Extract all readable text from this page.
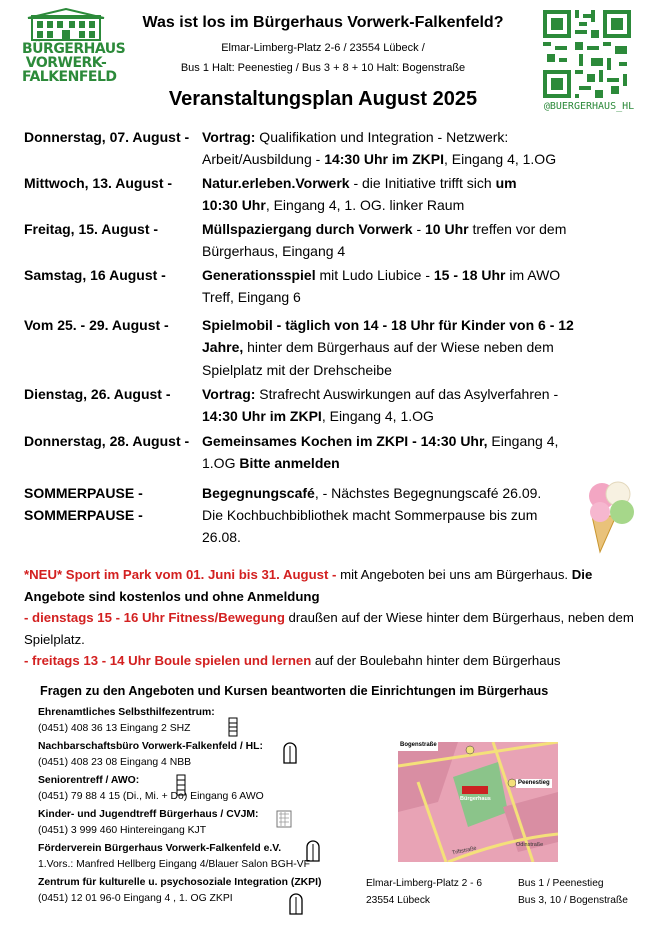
BÜRGERHAUS
VORWERK-
FALKENFELD
Was ist los im Bürgerhaus Vorwerk-Falkenfeld?
Elmar-Limberg-Platz 2-6 / 23554 Lübeck /
Bus 1 Halt: Peenestieg / Bus 3 + 8 + 10 Halt: Bogenstraße
@BUERGERHAUS_HL
Veranstaltungsplan August 2025
Donnerstag, 07. August - Vortrag: Qualifikation und Integration - Netzwerk:
Arbeit/Ausbildung - 14:30 Uhr im ZKPI, Eingang 4, 1.OG
Mittwoch, 13. August -	Natur.erleben.Vorwerk - die Initiative trifft sich um
10:30 Uhr, Eingang 4, 1. OG. linker Raum
Freitag, 15. August -	Müllspaziergang durch Vorwerk - 10 Uhr treffen vor dem
Bürgerhaus, Eingang 4
Samstag, 16 August -	Generationsspiel mit Ludo Liubice - 15 - 18 Uhr im AWO
Treff, Eingang 6
Vom 25. - 29. August -	Spielmobil - täglich von 14 - 18 Uhr für Kinder von 6 - 12
Jahre, hinter dem Bürgerhaus auf der Wiese neben dem
Spielplatz mit der Drehscheibe
Dienstag, 26. August -	Vortrag: Strafrecht Auswirkungen auf das Asylverfahren -
14:30 Uhr im ZKPI, Eingang 4, 1.OG
Donnerstag, 28. August - Gemeinsames Kochen im ZKPI - 14:30 Uhr, Eingang 4,
1.OG Bitte anmelden
SOMMERPAUSE -	Begegnungscafé, - Nächstes Begegnungscafé 26.09.
SOMMERPAUSE -	Die Kochbuchbibliothek macht Sommerpause bis zum
26.08.

*NEU* Sport im Park vom 01. Juni bis 31. August - mit Angeboten bei uns am Bürgerhaus. Die Angebote sind kostenlos und ohne Anmeldung

- dienstags 15 - 16 Uhr Fitness/Bewegung draußen auf der Wiese hinter dem Bürgerhaus, neben dem Spielplatz.

- freitags 13 - 14 Uhr Boule spielen und lernen auf der Boulebahn hinter dem Bürgerhaus

Fragen zu den Angeboten und Kursen beantworten die Einrichtungen im Bürgerhaus
Ehrenamtliches Selbsthilfezentrum:
(0451) 408 36 13 Eingang 2 SHZ
Nachbarschaftsbüro Vorwerk-Falkenfeld / HL:
(0451) 408 23 08 Eingang 4 NBB
Seniorentreff / AWO:
(0451) 79 88 4 15 (Di., Mi. + Do) Eingang 6 AWO
Kinder- und Jugendtreff Bürgerhaus / CVJM:
(0451) 3 999 460 Hintereingang KJT
Förderverein Bürgerhaus Vorwerk-Falkenfeld e.V.
1.Vors.: Manfred Hellberg Eingang 4/Blauer Salon BGH-VF
Zentrum für kulturelle u. psychosoziale Integration (ZKPI)
(0451) 12 01 96-0 Eingang 4 , 1. OG ZKPI
Bogenstraße
Peenestieg
Bürgerhaus
Odinstraße
Triftstraße
Elmar-Limberg-Platz 2 - 6
23554 Lübeck
Bus 1 / Peenestieg
Bus 3, 10 / Bogenstraße
